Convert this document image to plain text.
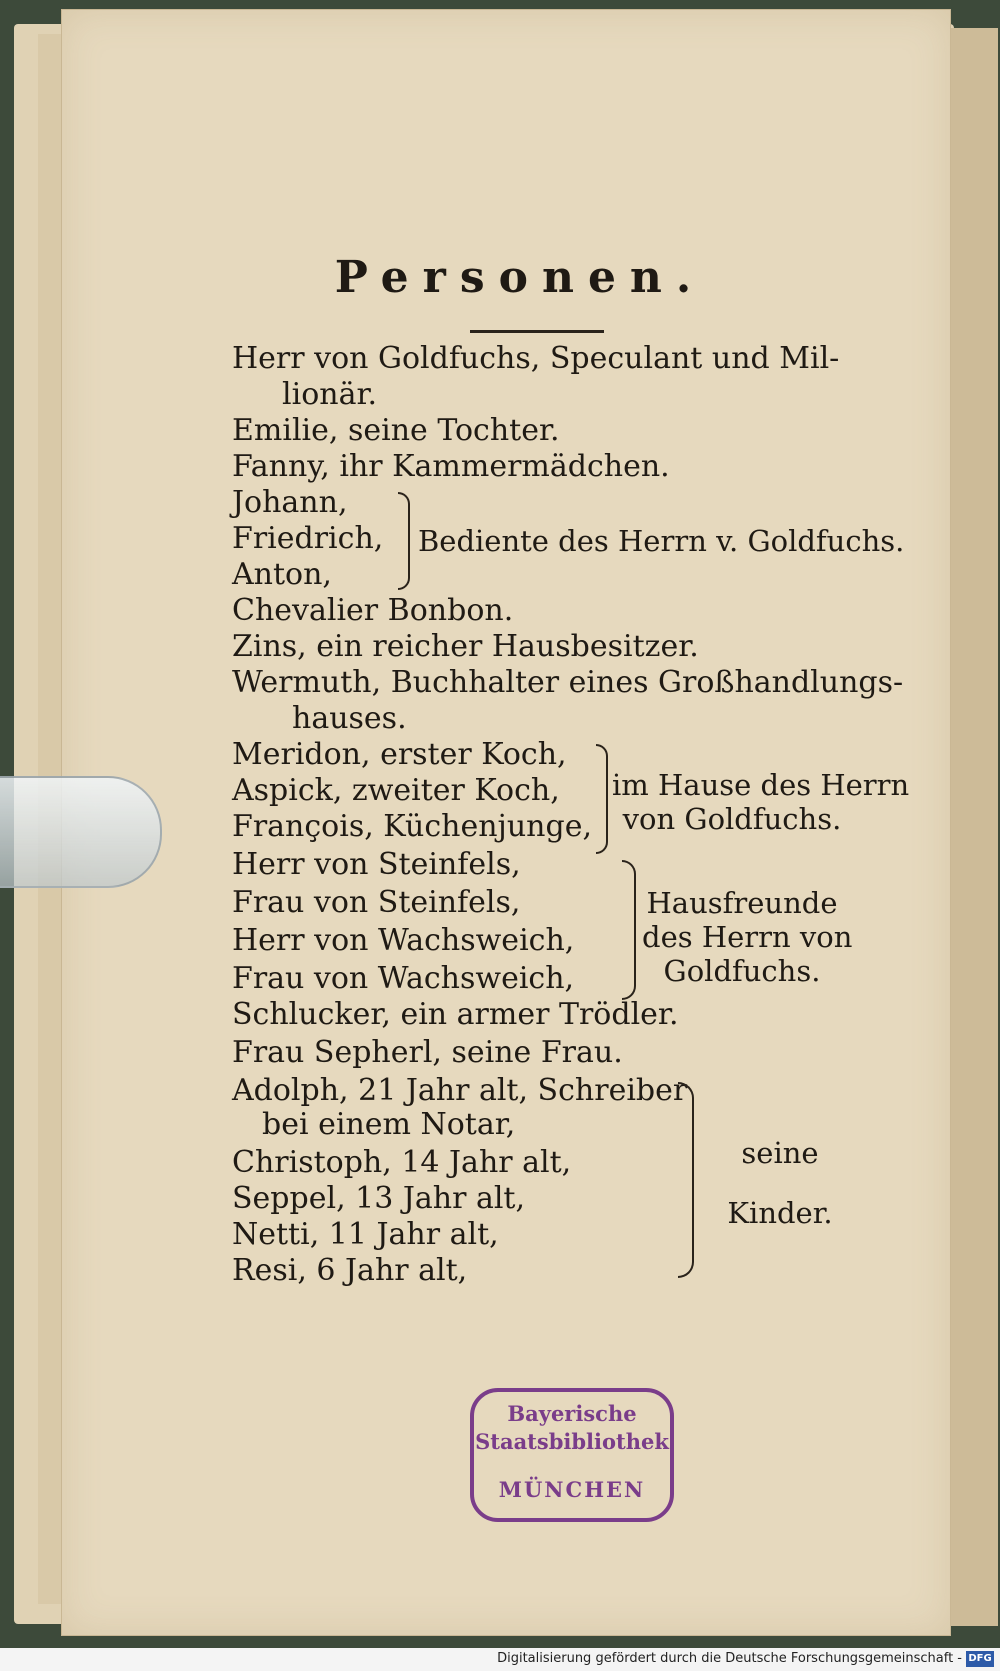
Personen.
Herr von Goldfuchs, Speculant und Mil-
lionär.
Emilie, seine Tochter.
Fanny, ihr Kammermädchen.
Johann,
Friedrich,
Anton,
Chevalier Bonbon.
Zins, ein reicher Hausbesitzer.
Wermuth, Buchhalter eines Großhandlungs-
hauses.
Meridon, erster Koch,
Aspick, zweiter Koch,
François, Küchenjunge,
Herr von Steinfels,
Frau von Steinfels,
Herr von Wachsweich,
Frau von Wachsweich,
Schlucker, ein armer Trödler.
Frau Sepherl, seine Frau.
Adolph, 21 Jahr alt, Schreiber
bei einem Notar,
Christoph, 14 Jahr alt,
Seppel, 13 Jahr alt,
Netti, 11 Jahr alt,
Resi, 6 Jahr alt,
Bediente des Herrn v. Goldfuchs.
im Hause des Herrn
von Goldfuchs.
Hausfreunde
des Herrn von
Goldfuchs.
seine
Kinder.
Bayerische
Staatsbibliothek
MÜNCHEN
Digitalisierung gefördert durch die Deutsche Forschungsgemeinschaft - DFG
